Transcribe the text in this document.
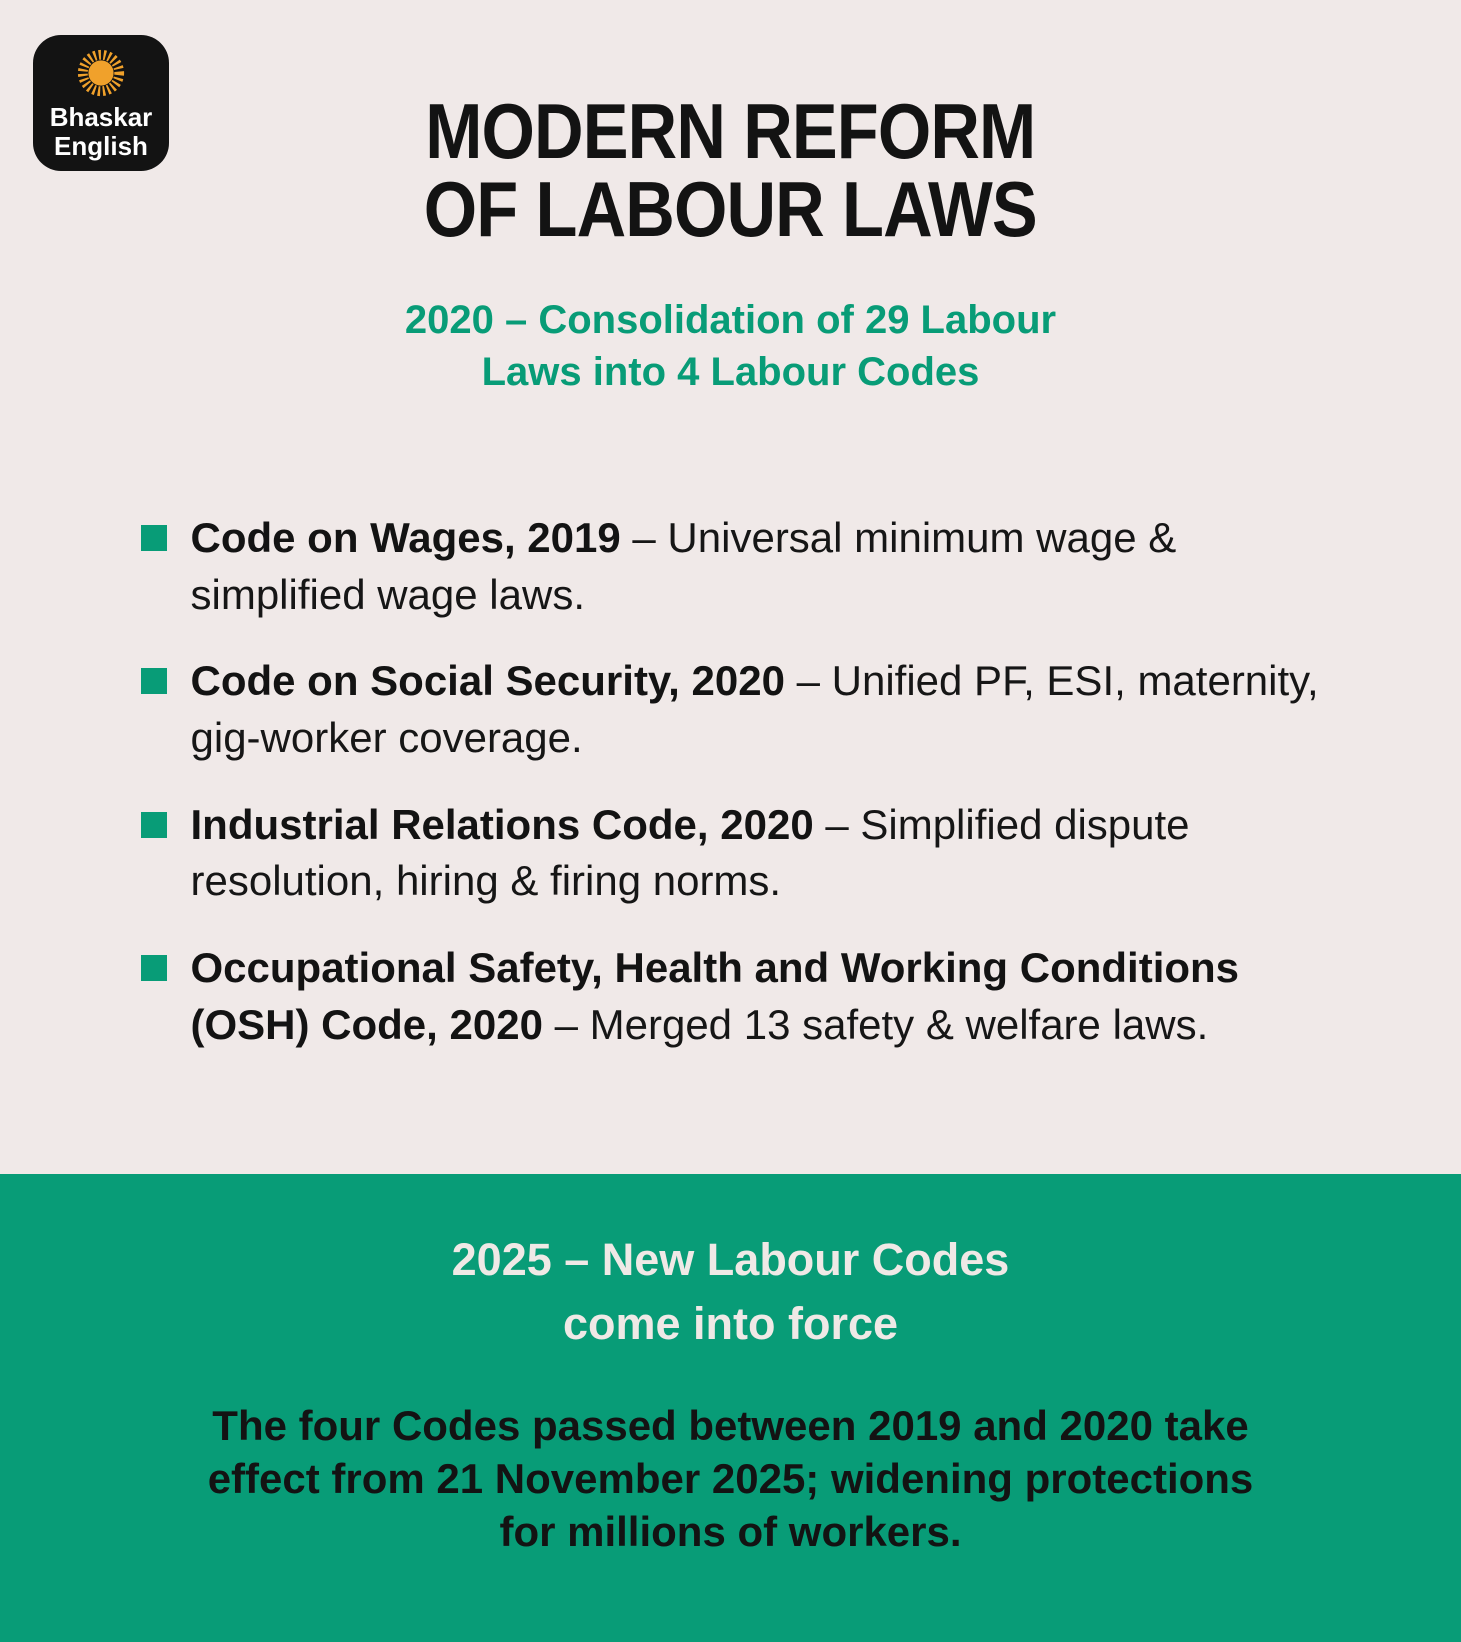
Bhaskar
English	MODERN REFORM
OF LABOUR LAWS
2020 – Consolidation of 29 Labour
Laws into 4 Labour Codes

Code on Wages, 2019 – Universal minimum wage & simplified wage laws.

Code on Social Security, 2020 – Unified PF, ESI, maternity, gig-worker coverage.

Industrial Relations Code, 2020 – Simplified dispute resolution, hiring & firing norms.

Occupational Safety, Health and Working Conditions (OSH) Code, 2020 – Merged 13 safety & welfare laws.

2025 – New Labour Codes
come into force

The four Codes passed between 2019 and 2020 take effect from 21 November 2025; widening protections for millions of workers.
